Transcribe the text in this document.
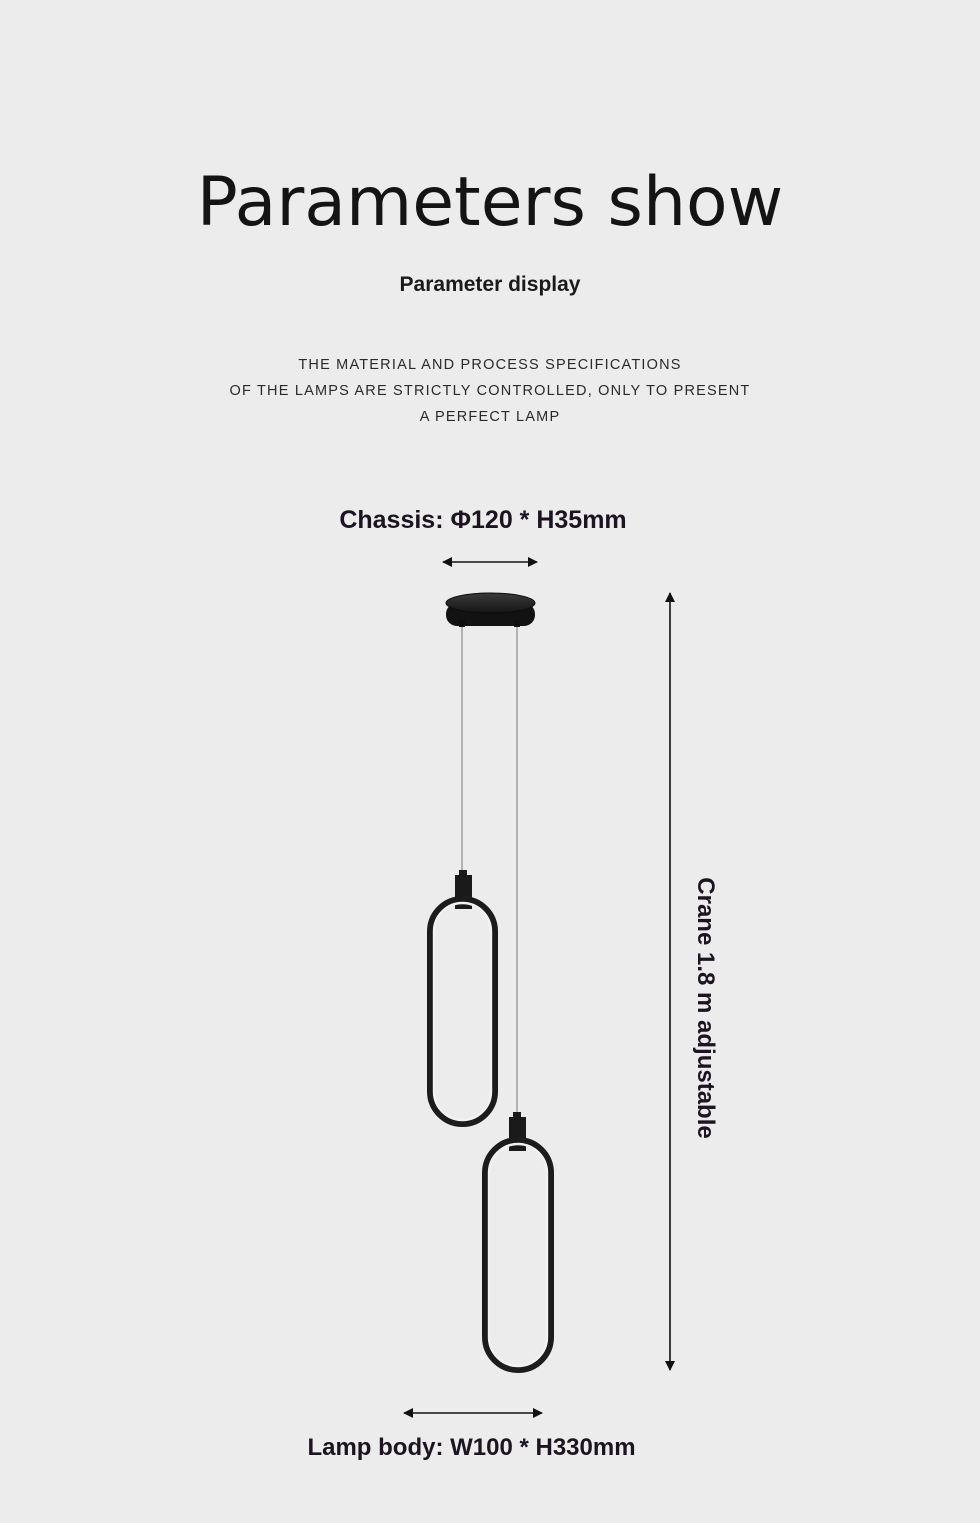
Parameters show

Parameter display

THE MATERIAL AND PROCESS SPECIFICATIONS
OF THE LAMPS ARE STRICTLY CONTROLLED, ONLY TO PRESENT
A PERFECT LAMP
Chassis: Φ120 * H35mm
Crane 1.8 m adjustable
Lamp body: W100 * H330mm
